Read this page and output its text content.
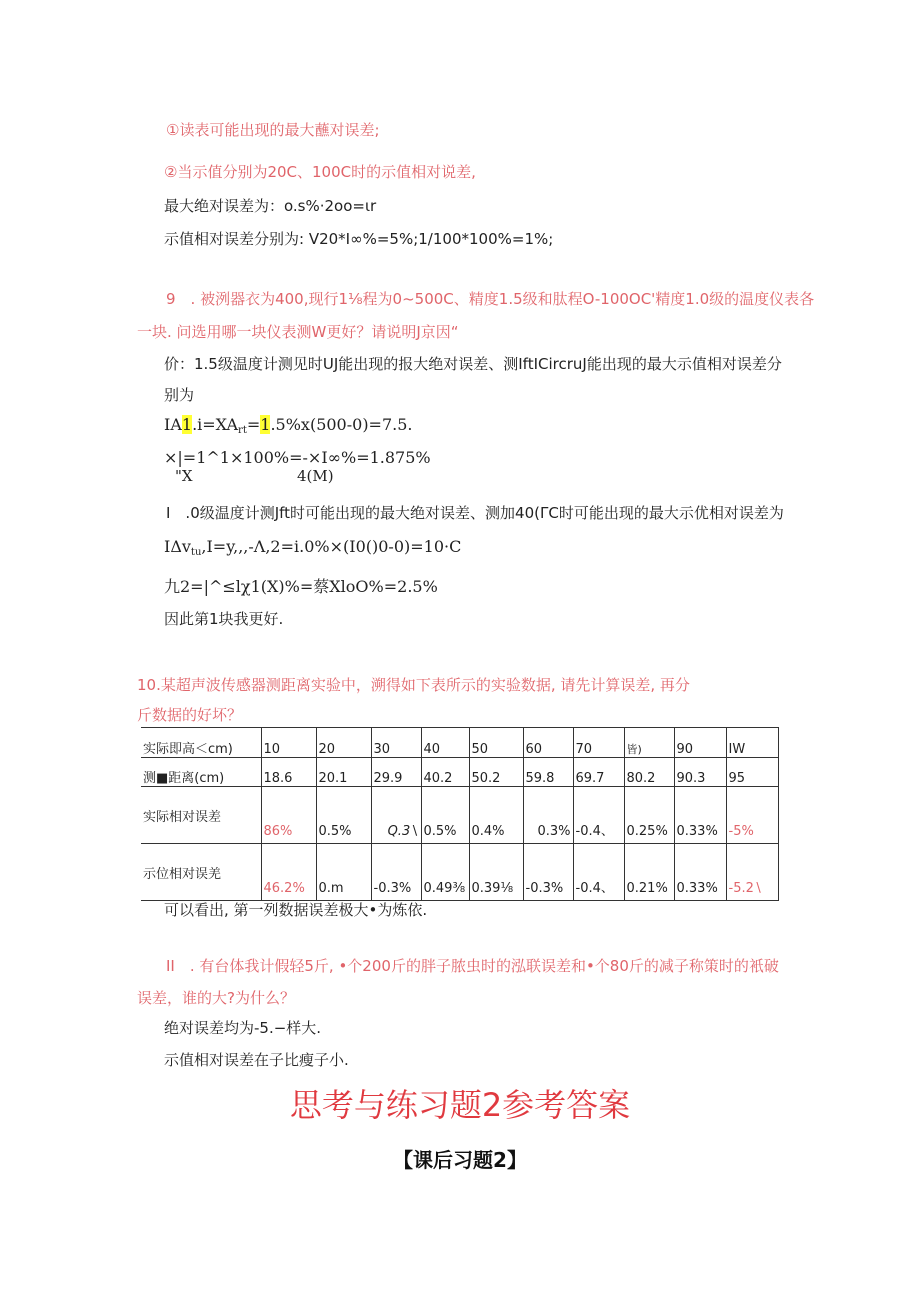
①读表可能出现的最大蘸对误差;
②当示值分别为20C、100C时的示值相对说差,
最大绝对误差为：o.s%·2oo=ιr
示值相对误差分别为: V20*I∞%=5%;1/100*100%=1%;
9　. 被洌器衣为400,现行1⅛程为0~500C、精度1.5级和肽程O-100OC'精度1.0级的温度仪表各
一块. 问选用哪一块仪表测W更好？请说明J京因“
价：1.5级温度计测见时UJ能出现的报大绝对误差、测IftICircruJ能出现的最大示值相对误差分
别为
$IA1.i=XA_{rt}=1.5\%x(500-0)=7.5$.
×|=1^1×100%=-×I∞%=1.875%
"X	4(M)
I　.0级温度计测Jft时可能出现的最大绝对误差、测加40(ΓC时可能出现的最大示优相对误差为
IΔv$_{tu}$,I=y,,,-Λ,2=i.0%×(I0()0-0)=10·C
九2=|^≤lχ1(X)%=蔡XloO%=2.5%
因此第1块我更好.
10.某超声波传感器测距离实验中，溯得如下表所示的实验数据, 请先计算误差, 再分
斤数据的好坏？
实际即高＜cm)	10	20	30	40	50	60	70	皆)	90	IW
测■距离(cm)	18.6	20.1	29.9	40.2	50.2	59.8	69.7	80.2	90.3	95
实际相对误差	86%	0.5%	Q.3∖	0.5%	0.4%	0.3%	-0.4、	0.25%	0.33%	-5%
示位相对误羌	46.2%	0.m	-0.3%	0.49⅜	0.39⅛	-0.3%	-0.4、	0.21%	0.33%	-5.2∖
可以看出, 第一列数据误差极大•为炼依.
II　. 有台体我计假轻5斤, •个200斤的胖子脓虫时的泓联误差和•个80斤的减子称策时的衹破
误差，谁的大?为什么？
绝对误差均为-5.−样大.
示值相对误差在子比瘦子小.
思考与练习题2参考答案
【课后习题2】
